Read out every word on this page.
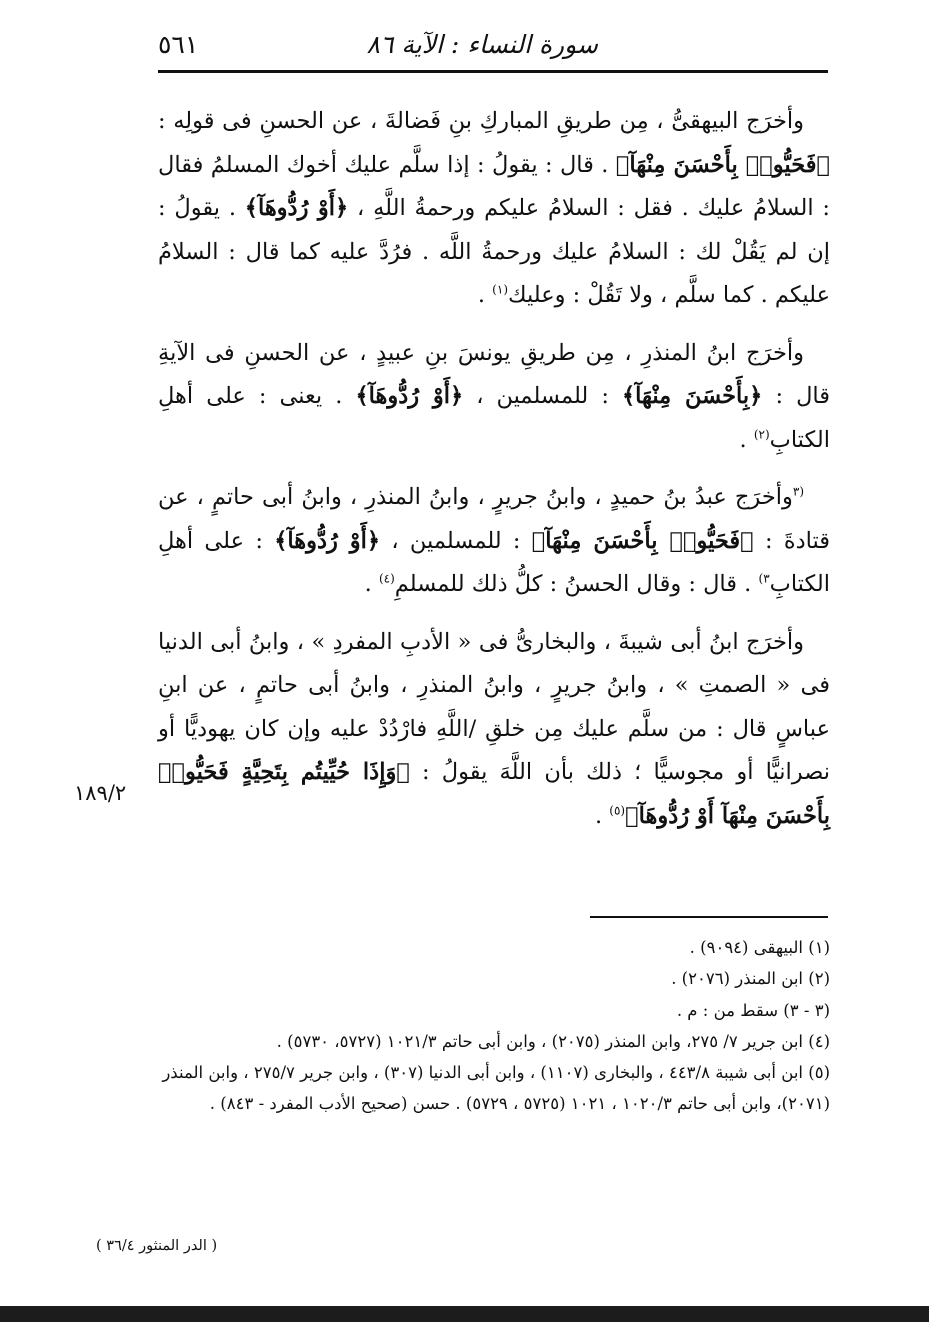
سورة النساء : الآية ٨٦
٥٦١

وأخرَج البيهقىُّ ، مِن طريقِ المباركِ بنِ فَضالةَ ، عن الحسنِ فى قولِه : ﴿فَحَيُّوا۟ بِأَحْسَنَ مِنْهَآ﴾ . قال : يقولُ : إذا سلَّم عليك أخوك المسلمُ فقال : السلامُ عليك . فقل : السلامُ عليكم ورحمةُ اللَّهِ ، ﴿أَوْ رُدُّوهَآ﴾ . يقولُ : إن لم يَقُلْ لك : السلامُ عليك ورحمةُ اللَّه . فرُدَّ عليه كما قال : السلامُ عليكم . كما سلَّم ، ولا تَقُلْ : وعليك$^{(١)}$ .

وأخرَج ابنُ المنذرِ ، مِن طريقِ يونسَ بنِ عبيدٍ ، عن الحسنِ فى الآيةِ قال : ﴿بِأَحْسَنَ مِنْهَآ﴾ : للمسلمين ، ﴿أَوْ رُدُّوهَآ﴾ . يعنى : على أهلِ الكتابِ$^{(٢)}$ .

$^{(٣}$وأخرَج عبدُ بنُ حميدٍ ، وابنُ جريرٍ ، وابنُ المنذرِ ، وابنُ أبى حاتمٍ ، عن قتادةَ : ﴿فَحَيُّوا۟ بِأَحْسَنَ مِنْهَآ﴾ : للمسلمين ، ﴿أَوْ رُدُّوهَآ﴾ : على أهلِ الكتابِ$^{٣)}$ . قال : وقال الحسنُ : كلُّ ذلك للمسلمِ$^{(٤)}$ .

وأخرَج ابنُ أبى شيبةَ ، والبخارىُّ فى « الأدبِ المفردِ » ، وابنُ أبى الدنيا فى « الصمتِ » ، وابنُ جريرٍ ، وابنُ المنذرِ ، وابنُ أبى حاتمٍ ، عن ابنِ عباسٍ قال : من سلَّم عليك مِن خلقِ /اللَّهِ فارْدُدْ عليه وإن كان يهوديًّا أو نصرانيًّا أو مجوسيًّا ؛ ذلك بأن اللَّهَ يقولُ : ﴿وَإِذَا حُيِّيتُم بِتَحِيَّةٍ فَحَيُّوا۟ بِأَحْسَنَ مِنْهَآ أَوْ رُدُّوهَآ﴾$^{(٥)}$ .

١٨٩/٢

(١) البيهقى (٩٠٩٤) .

(٢) ابن المنذر (٢٠٧٦) .

(٣ - ٣) سقط من : م .

(٤) ابن جرير ٧/ ٢٧٥، وابن المنذر (٢٠٧٥) ، وابن أبى حاتم ١٠٢١/٣ (٥٧٢٧، ٥٧٣٠) .

(٥) ابن أبى شيبة ٤٤٣/٨ ، والبخارى (١١٠٧) ، وابن أبى الدنيا (٣٠٧) ، وابن جرير ٢٧٥/٧ ، وابن المنذر (٢٠٧١)، وابن أبى حاتم ١٠٢٠/٣ ، ١٠٢١ (٥٧٢٥ ، ٥٧٢٩) . حسن (صحيح الأدب المفرد - ٨٤٣) .

( الدر المنثور ٣٦/٤ )
